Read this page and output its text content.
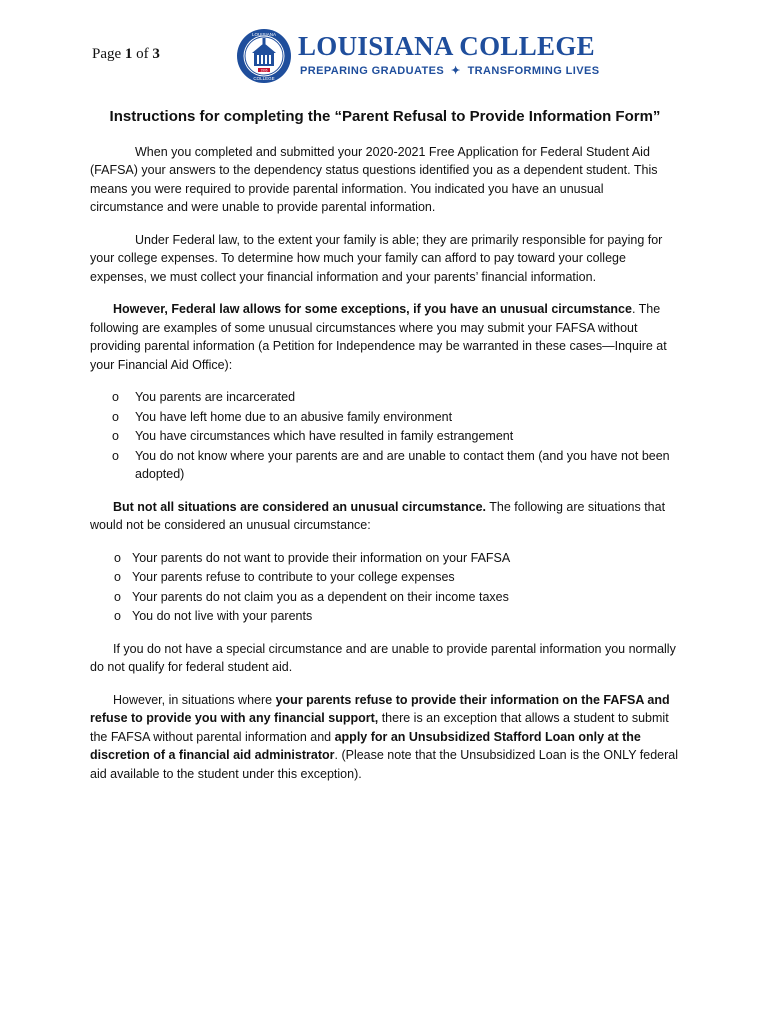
Page 1 of 3
LOUISIANA
COLLEGE
1906
LOUISIANA COLLEGE
PREPARING GRADUATES ✦ TRANSFORMING LIVES
Instructions for completing the “Parent Refusal to Provide Information Form”

When you completed and submitted your 2020-2021 Free Application for Federal Student Aid (FAFSA) your answers to the dependency status questions identified you as a dependent student. This means you were required to provide parental information. You indicated you have an unusual circumstance and were unable to provide parental information.

Under Federal law, to the extent your family is able; they are primarily responsible for paying for your college expenses. To determine how much your family can afford to pay toward your college expenses, we must collect your financial information and your parents’ financial information.

However, Federal law allows for some exceptions, if you have an unusual circumstance. The following are examples of some unusual circumstances where you may submit your FAFSA without providing parental information (a Petition for Independence may be warranted in these cases—Inquire at your Financial Aid Office):

o You parents are incarcerated
o You have left home due to an abusive family environment
o You have circumstances which have resulted in family estrangement
o You do not know where your parents are and are unable to contact them (and you have not been adopted)

But not all situations are considered an unusual circumstance. The following are situations that would not be considered an unusual circumstance:

o Your parents do not want to provide their information on your FAFSA
o Your parents refuse to contribute to your college expenses
o Your parents do not claim you as a dependent on their income taxes
o You do not live with your parents

If you do not have a special circumstance and are unable to provide parental information you normally do not qualify for federal student aid.

However, in situations where your parents refuse to provide their information on the FAFSA and refuse to provide you with any financial support, there is an exception that allows a student to submit the FAFSA without parental information and apply for an Unsubsidized Stafford Loan only at the discretion of a financial aid administrator. (Please note that the Unsubsidized Loan is the ONLY federal aid available to the student under this exception).
